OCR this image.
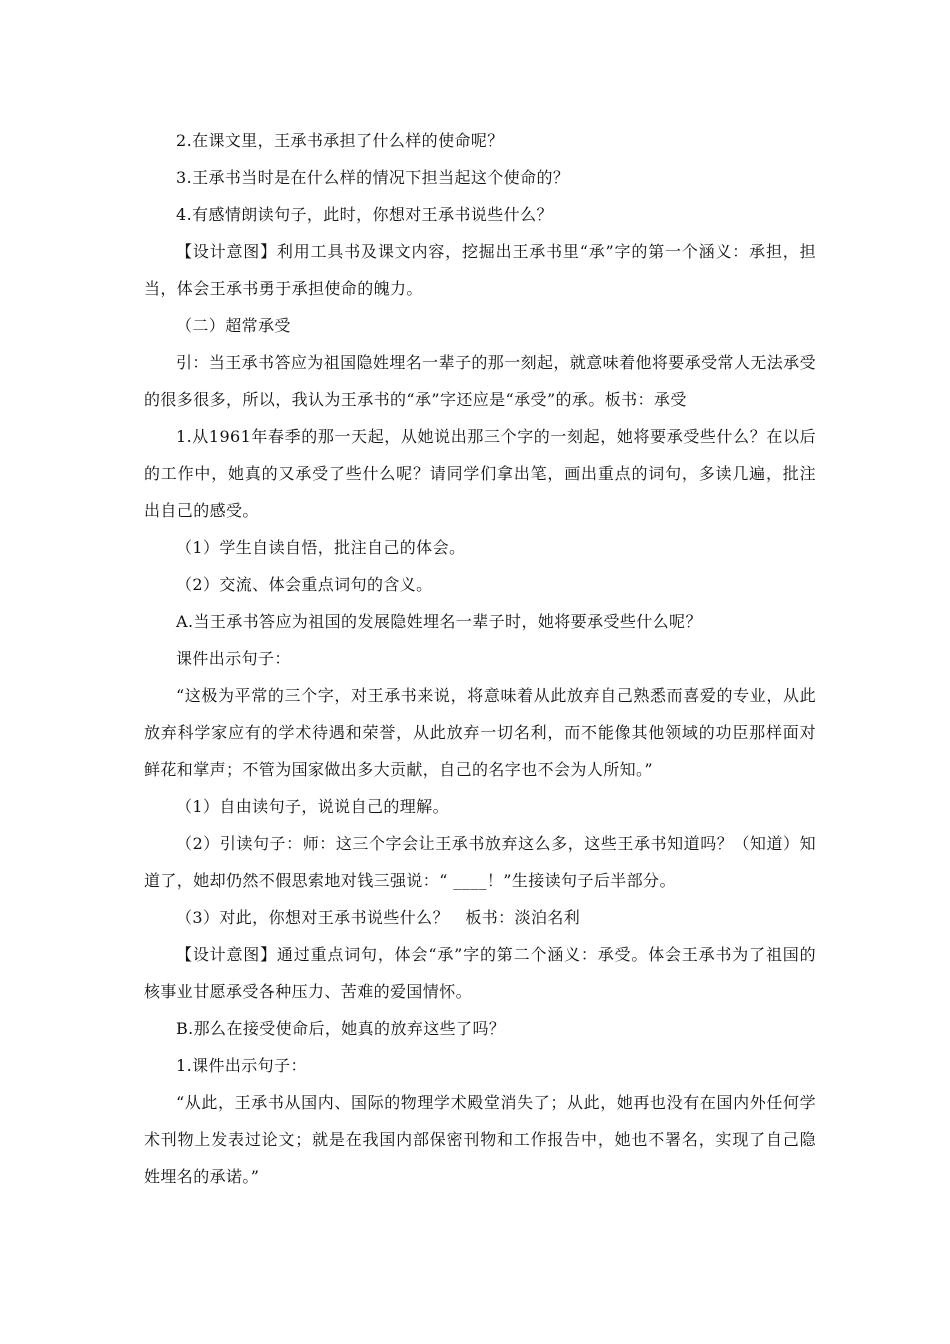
2.在课文里，王承书承担了什么样的使命呢？

3.王承书当时是在什么样的情况下担当起这个使命的？

4.有感情朗读句子，此时，你想对王承书说些什么？

【设计意图】利用工具书及课文内容，挖掘出王承书里“承”字的第一个涵义：承担，担当，体会王承书勇于承担使命的魄力。

（二）超常承受

引：当王承书答应为祖国隐姓埋名一辈子的那一刻起，就意味着他将要承受常人无法承受的很多很多，所以，我认为王承书的“承”字还应是“承受”的承。板书：承受

1.从1961年春季的那一天起，从她说出那三个字的一刻起，她将要承受些什么？在以后的工作中，她真的又承受了些什么呢？请同学们拿出笔，画出重点的词句，多读几遍，批注出自己的感受。

（1）学生自读自悟，批注自己的体会。

（2）交流、体会重点词句的含义。

A.当王承书答应为祖国的发展隐姓埋名一辈子时，她将要承受些什么呢？

课件出示句子：

“这极为平常的三个字，对王承书来说，将意味着从此放弃自己熟悉而喜爱的专业，从此放弃科学家应有的学术待遇和荣誉，从此放弃一切名利，而不能像其他领域的功臣那样面对鲜花和掌声；不管为国家做出多大贡献，自己的名字也不会为人所知。”

（1）自由读句子，说说自己的理解。

（2）引读句子：师：这三个字会让王承书放弃这么多，这些王承书知道吗？（知道）知道了，她却仍然不假思索地对钱三强说：“ ____！”生接读句子后半部分。

（3）对此，你想对王承书说些什么？　板书：淡泊名利

【设计意图】通过重点词句，体会“承”字的第二个涵义：承受。体会王承书为了祖国的核事业甘愿承受各种压力、苦难的爱国情怀。

B.那么在接受使命后，她真的放弃这些了吗？

1.课件出示句子：

“从此，王承书从国内、国际的物理学术殿堂消失了；从此，她再也没有在国内外任何学术刊物上发表过论文；就是在我国内部保密刊物和工作报告中，她也不署名，实现了自己隐姓埋名的承诺。”
